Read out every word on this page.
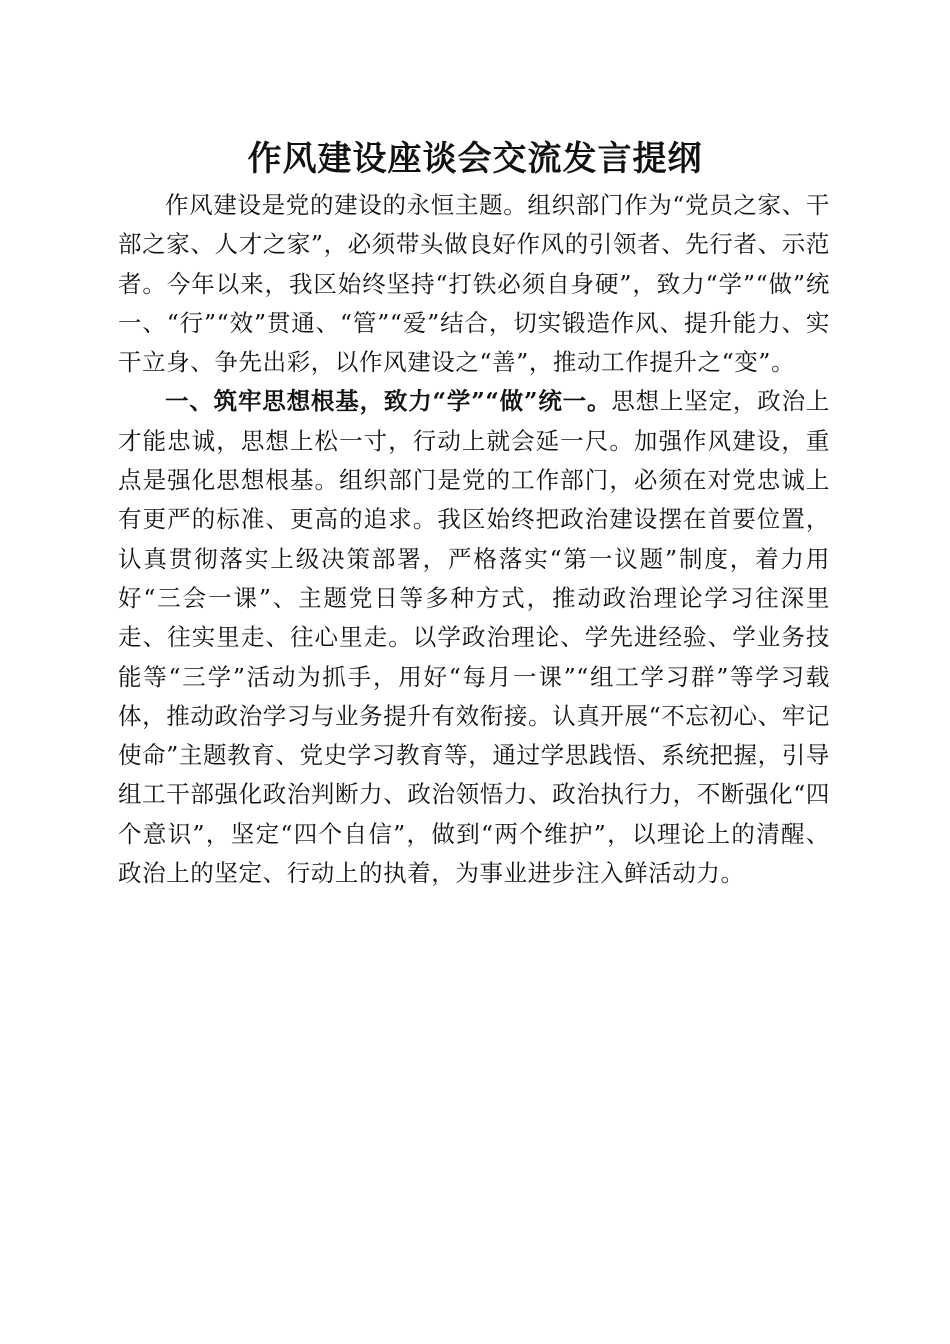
作风建设座谈会交流发言提纲

作风建设是党的建设的永恒主题。组织部门作为“党员之家、干部之家、人才之家”，必须带头做良好作风的引领者、先行者、示范者。今年以来，我区始终坚持“打铁必须自身硬”，致力“学”“做”统一、“行”“效”贯通、“管”“爱”结合，切实锻造作风、提升能力、实干立身、争先出彩，以作风建设之“善”，推动工作提升之“变”。

一、筑牢思想根基，致力“学”“做”统一。思想上坚定，政治上才能忠诚，思想上松一寸，行动上就会延一尺。加强作风建设，重点是强化思想根基。组织部门是党的工作部门，必须在对党忠诚上有更严的标准、更高的追求。我区始终把政治建设摆在首要位置，认真贯彻落实上级决策部署，严格落实“第一议题”制度，着力用好“三会一课”、主题党日等多种方式，推动政治理论学习往深里走、往实里走、往心里走。以学政治理论、学先进经验、学业务技能等“三学”活动为抓手，用好“每月一课”“组工学习群”等学习载体，推动政治学习与业务提升有效衔接。认真开展“不忘初心、牢记使命”主题教育、党史学习教育等，通过学思践悟、系统把握，引导组工干部强化政治判断力、政治领悟力、政治执行力，不断强化“四个意识”，坚定“四个自信”，做到“两个维护”，以理论上的清醒、政治上的坚定、行动上的执着，为事业进步注入鲜活动力。
